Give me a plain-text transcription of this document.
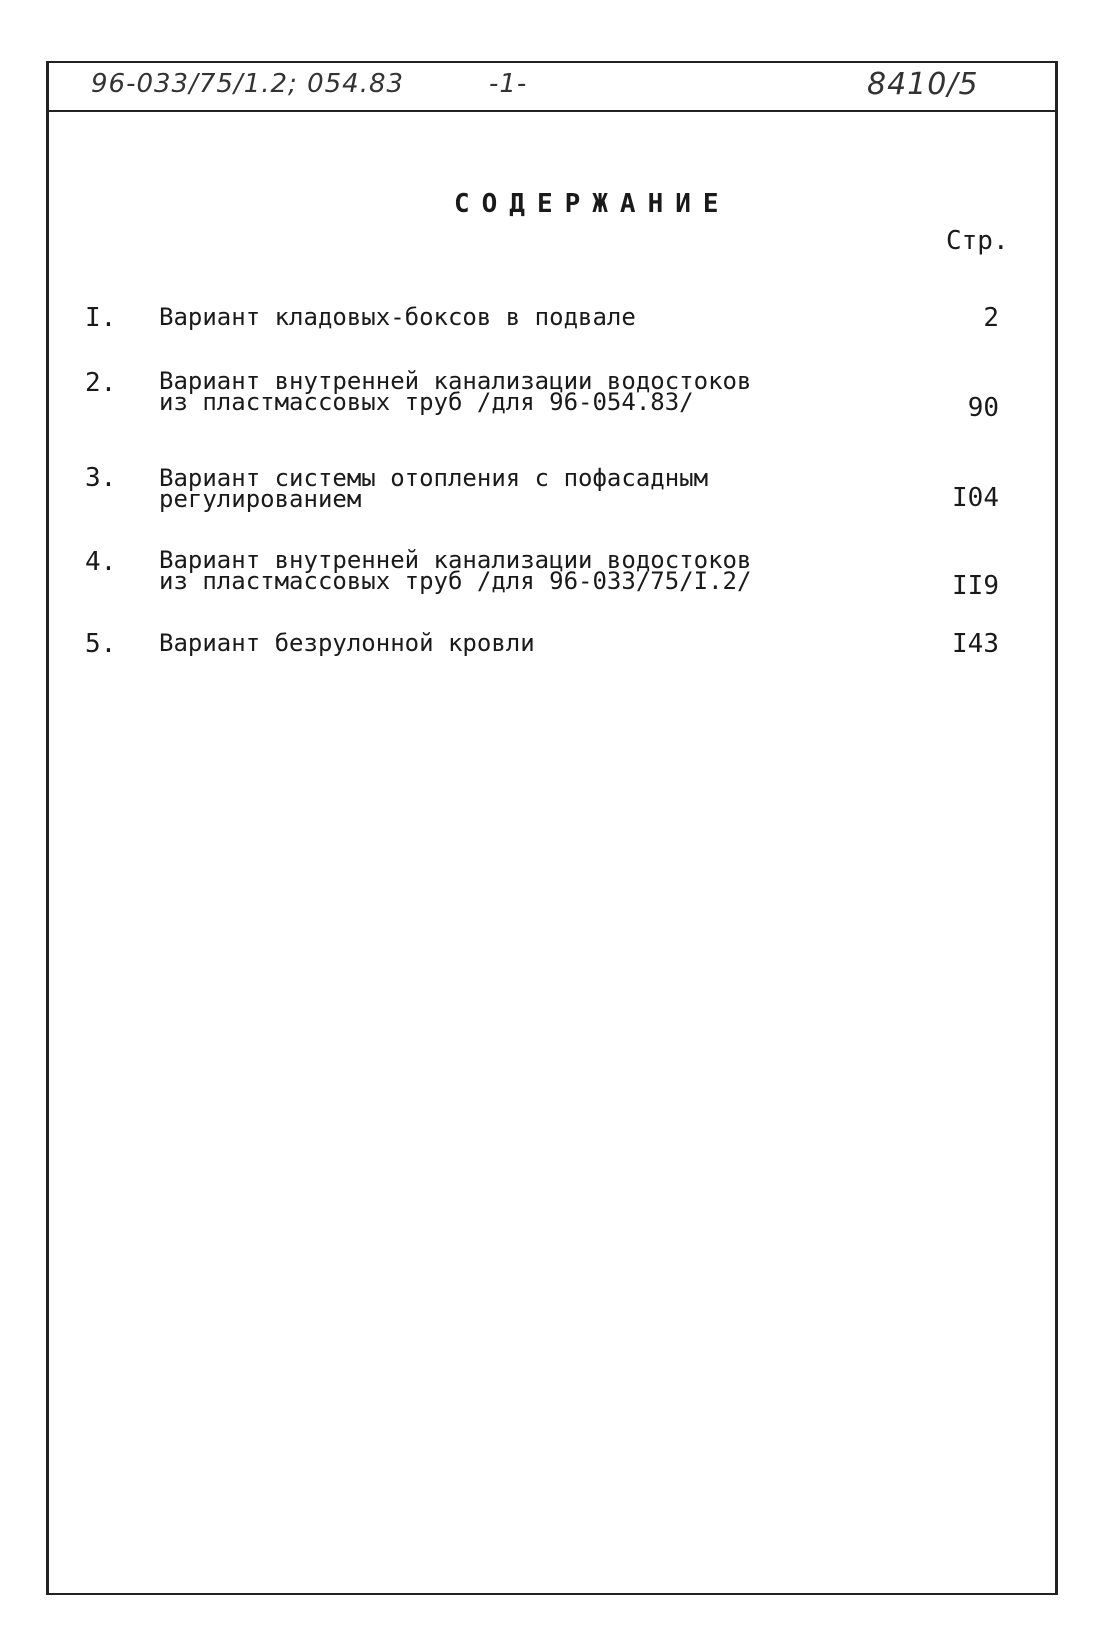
96-033/75/1.2; 054.83	-1-	8410/5
СОДЕРЖАНИЕ
Стр.
I. Вариант кладовых-боксов в подвале	2
2. Вариант внутренней канализации водостоков
из пластмассовых труб /для 96-054.83/	90
3. Вариант системы отопления с пофасадным
регулированием	I04
4. Вариант внутренней канализации водостоков
из пластмассовых труб /для 96-033/75/I.2/	II9
5. Вариант безрулонной кровли	I43
